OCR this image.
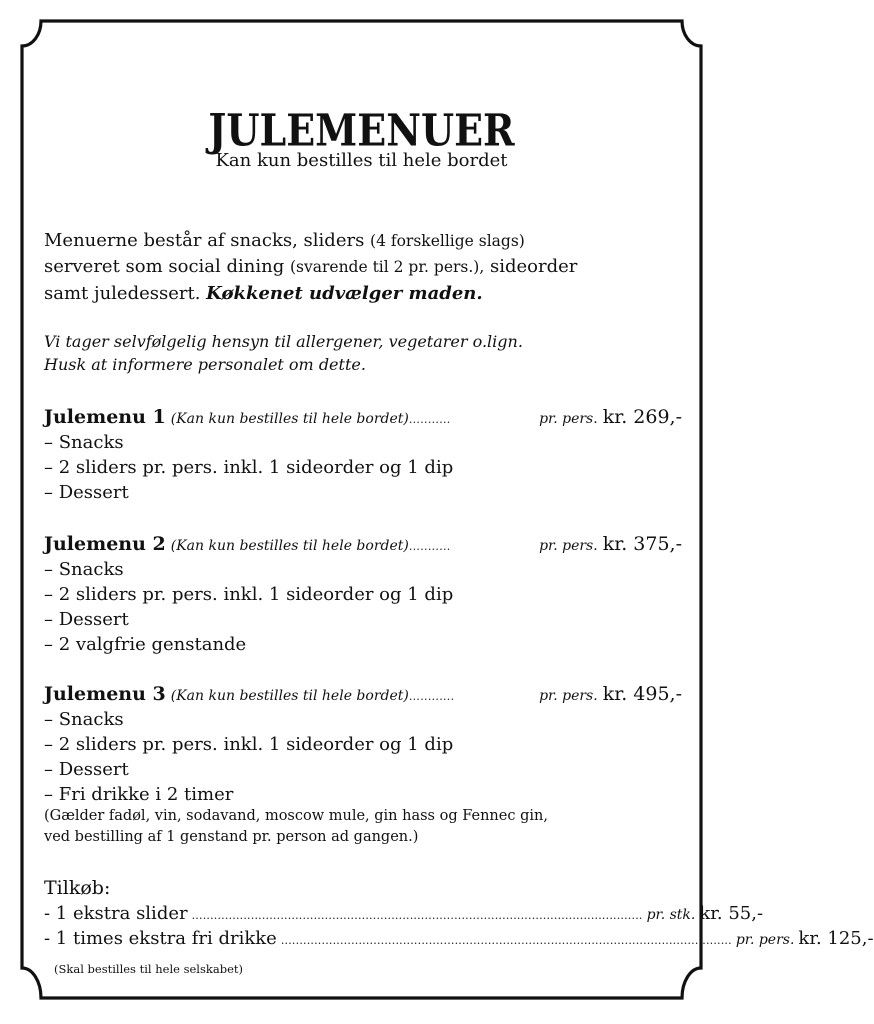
JULEMENUER
Kan kun bestilles til hele bordet
Menuerne består af snacks, sliders (4 forskellige slags)
serveret som social dining (svarende til 2 pr. pers.), sideorder
samt juledessert. Køkkenet udvælger maden.
Vi tager selvfølgelig hensyn til allergener, vegetarer o.lign.
Husk at informere personalet om dette.
Julemenu 1 (Kan kun bestilles til hele bordet) ...........	pr. pers. kr. 269,-
– Snacks
– 2 sliders pr. pers. inkl. 1 sideorder og 1 dip
– Dessert
Julemenu 2 (Kan kun bestilles til hele bordet) ...........	pr. pers. kr. 375,-
– Snacks
– 2 sliders pr. pers. inkl. 1 sideorder og 1 dip
– Dessert
– 2 valgfrie genstande
Julemenu 3 (Kan kun bestilles til hele bordet) ............	pr. pers. kr. 495,-
– Snacks
– 2 sliders pr. pers. inkl. 1 sideorder og 1 dip
– Dessert
– Fri drikke i 2 timer
(Gælder fadøl, vin, sodavand, moscow mule, gin hass og Fennec gin,
ved bestilling af 1 genstand pr. person ad gangen.)
Tilkøb:
- 1 ekstra slider .......................................................................................................................... pr. stk. kr. 55,-
- 1 times ekstra fri drikke .......................................................................................................................... pr. pers. kr. 125,-
(Skal bestilles til hele selskabet)
